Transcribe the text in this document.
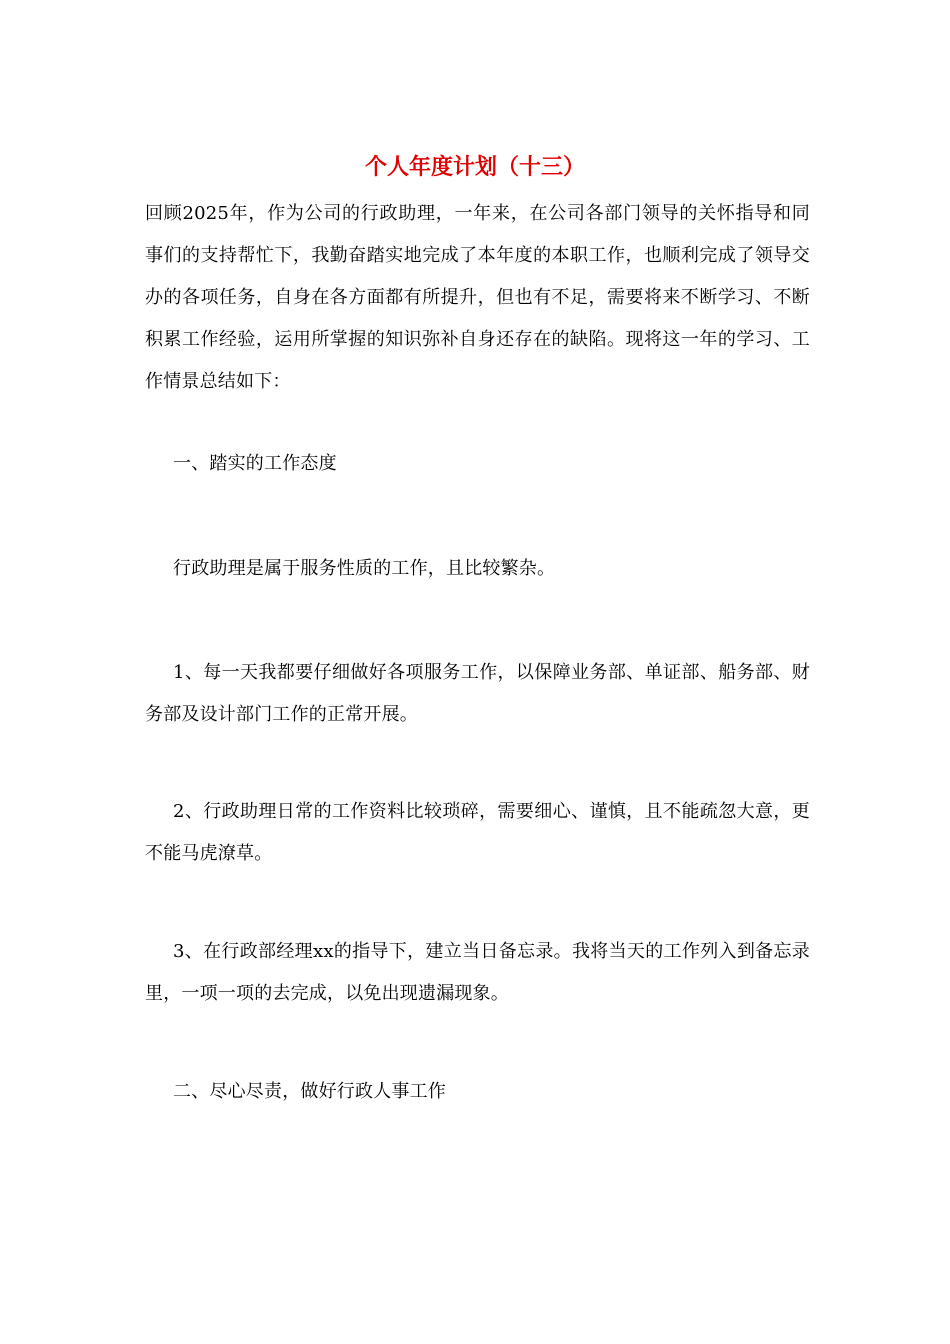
个人年度计划（十三）

回顾2025年，作为公司的行政助理，一年来，在公司各部门领导的关怀指导和同事们的支持帮忙下，我勤奋踏实地完成了本年度的本职工作，也顺利完成了领导交办的各项任务，自身在各方面都有所提升，但也有不足，需要将来不断学习、不断积累工作经验，运用所掌握的知识弥补自身还存在的缺陷。现将这一年的学习、工作情景总结如下：

一、踏实的工作态度

行政助理是属于服务性质的工作，且比较繁杂。

1、每一天我都要仔细做好各项服务工作，以保障业务部、单证部、船务部、财务部及设计部门工作的正常开展。

2、行政助理日常的工作资料比较琐碎，需要细心、谨慎，且不能疏忽大意，更不能马虎潦草。

3、在行政部经理xx的指导下，建立当日备忘录。我将当天的工作列入到备忘录里，一项一项的去完成，以免出现遗漏现象。

二、尽心尽责，做好行政人事工作
